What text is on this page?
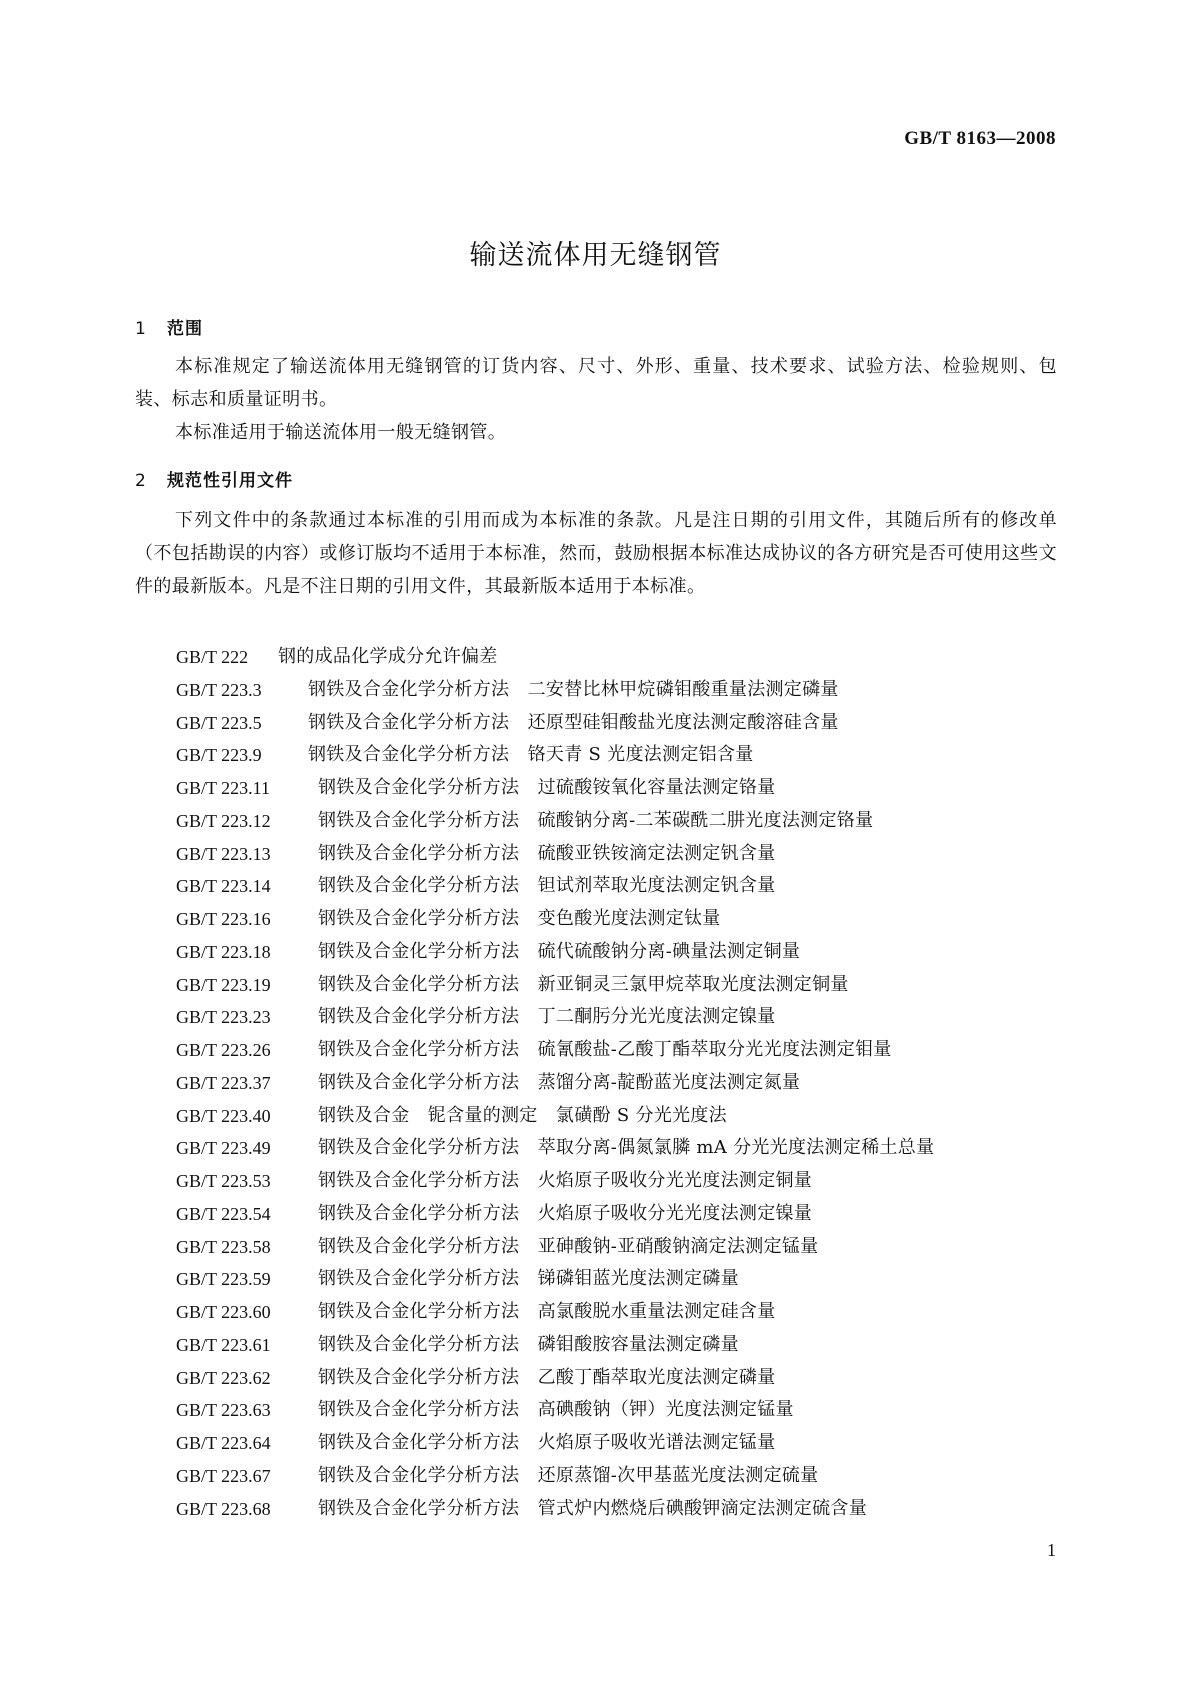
GB/T 8163—2008
输送流体用无缝钢管
1 范围
本标准规定了输送流体用无缝钢管的订货内容、尺寸、外形、重量、技术要求、试验方法、检验规则、包装、标志和质量证明书。
本标准适用于输送流体用一般无缝钢管。
2 规范性引用文件
下列文件中的条款通过本标准的引用而成为本标准的条款。凡是注日期的引用文件，其随后所有的修改单（不包括勘误的内容）或修订版均不适用于本标准，然而，鼓励根据本标准达成协议的各方研究是否可使用这些文件的最新版本。凡是不注日期的引用文件，其最新版本适用于本标准。
GB/T 222 钢的成品化学成分允许偏差
GB/T 223.3	钢铁及合金化学分析方法　二安替比林甲烷磷钼酸重量法测定磷量
GB/T 223.5	钢铁及合金化学分析方法　还原型硅钼酸盐光度法测定酸溶硅含量
GB/T 223.9	钢铁及合金化学分析方法　铬天青 S 光度法测定铝含量
GB/T 223.11	钢铁及合金化学分析方法　过硫酸铵氧化容量法测定铬量
GB/T 223.12	钢铁及合金化学分析方法　硫酸钠分离-二苯碳酰二肼光度法测定铬量
GB/T 223.13	钢铁及合金化学分析方法　硫酸亚铁铵滴定法测定钒含量
GB/T 223.14	钢铁及合金化学分析方法　钽试剂萃取光度法测定钒含量
GB/T 223.16	钢铁及合金化学分析方法　变色酸光度法测定钛量
GB/T 223.18	钢铁及合金化学分析方法　硫代硫酸钠分离-碘量法测定铜量
GB/T 223.19	钢铁及合金化学分析方法　新亚铜灵三氯甲烷萃取光度法测定铜量
GB/T 223.23	钢铁及合金化学分析方法　丁二酮肟分光光度法测定镍量
GB/T 223.26	钢铁及合金化学分析方法　硫氰酸盐-乙酸丁酯萃取分光光度法测定钼量
GB/T 223.37	钢铁及合金化学分析方法　蒸馏分离-靛酚蓝光度法测定氮量
GB/T 223.40	钢铁及合金　铌含量的测定　氯磺酚 S 分光光度法
GB/T 223.49	钢铁及合金化学分析方法　萃取分离-偶氮氯膦 mA 分光光度法测定稀土总量
GB/T 223.53	钢铁及合金化学分析方法　火焰原子吸收分光光度法测定铜量
GB/T 223.54	钢铁及合金化学分析方法　火焰原子吸收分光光度法测定镍量
GB/T 223.58	钢铁及合金化学分析方法　亚砷酸钠-亚硝酸钠滴定法测定锰量
GB/T 223.59	钢铁及合金化学分析方法　锑磷钼蓝光度法测定磷量
GB/T 223.60	钢铁及合金化学分析方法　高氯酸脱水重量法测定硅含量
GB/T 223.61	钢铁及合金化学分析方法　磷钼酸胺容量法测定磷量
GB/T 223.62	钢铁及合金化学分析方法　乙酸丁酯萃取光度法测定磷量
GB/T 223.63	钢铁及合金化学分析方法　高碘酸钠（钾）光度法测定锰量
GB/T 223.64	钢铁及合金化学分析方法　火焰原子吸收光谱法测定锰量
GB/T 223.67	钢铁及合金化学分析方法　还原蒸馏-次甲基蓝光度法测定硫量
GB/T 223.68	钢铁及合金化学分析方法　管式炉内燃烧后碘酸钾滴定法测定硫含量
1
